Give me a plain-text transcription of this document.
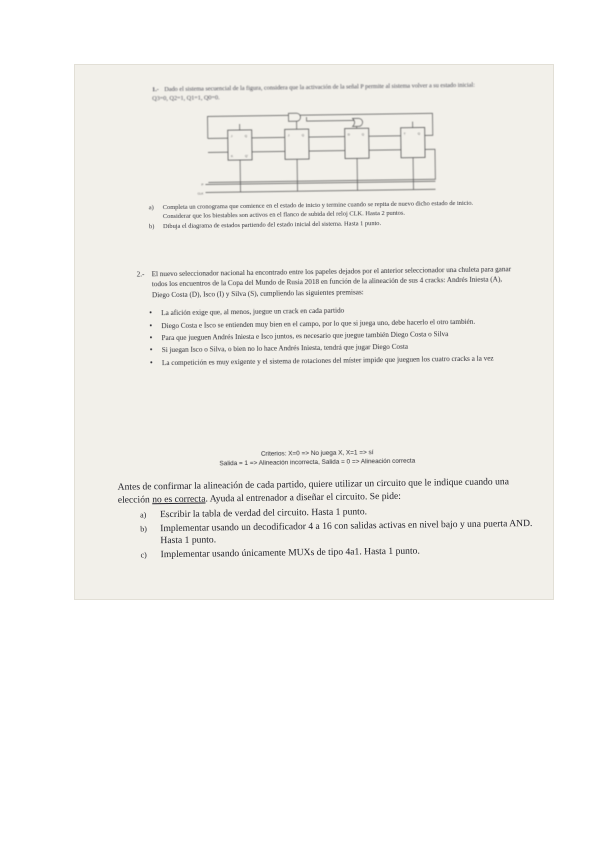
1.- Dado el sistema secuencial de la figura, considera que la activación de la señal P permite al sistema volver a su estado inicial: Q3=0, Q2=1, Q1=1, Q0=0.
J	Q
K	Q'
J	Q	D	Q	T	Q
P
CLK
a)	Completa un cronograma que comience en el estado de inicio y termine cuando se repita de nuevo dicho estado de inicio. Considerar que los biestables son activos en el flanco de subida del reloj CLK. Hasta 2 puntos.
b)	Dibuja el diagrama de estados partiendo del estado inicial del sistema. Hasta 1 punto.
2.- El nuevo seleccionador nacional ha encontrado entre los papeles dejados por el anterior seleccionador una chuleta para ganar todos los encuentros de la Copa del Mundo de Rusia 2018 en función de la alineación de sus 4 cracks: Andrés Iniesta (A), Diego Costa (D), Isco (I) y Silva (S), cumpliendo las siguientes premisas:
•	La afición exige que, al menos, juegue un crack en cada partido
•	Diego Costa e Isco se entienden muy bien en el campo, por lo que si juega uno, debe hacerlo el otro también.
•	Para que jueguen Andrés Iniesta e Isco juntos, es necesario que juegue también Diego Costa o Silva
•	Si juegan Isco o Silva, o bien no lo hace Andrés Iniesta, tendrá que jugar Diego Costa
•	La competición es muy exigente y el sistema de rotaciones del míster impide que jueguen los cuatro cracks a la vez
Criterios: X=0 => No juega X, X=1 => sí
Salida = 1 => Alineación incorrecta, Salida = 0 => Alineación correcta
Antes de confirmar la alineación de cada partido, quiere utilizar un circuito que le indique cuando una elección no es correcta. Ayuda al entrenador a diseñar el circuito. Se pide:
a)	Escribir la tabla de verdad del circuito. Hasta 1 punto.
b)	Implementar usando un decodificador 4 a 16 con salidas activas en nivel bajo y una puerta AND. Hasta 1 punto.
c)	Implementar usando únicamente MUXs de tipo 4a1. Hasta 1 punto.
